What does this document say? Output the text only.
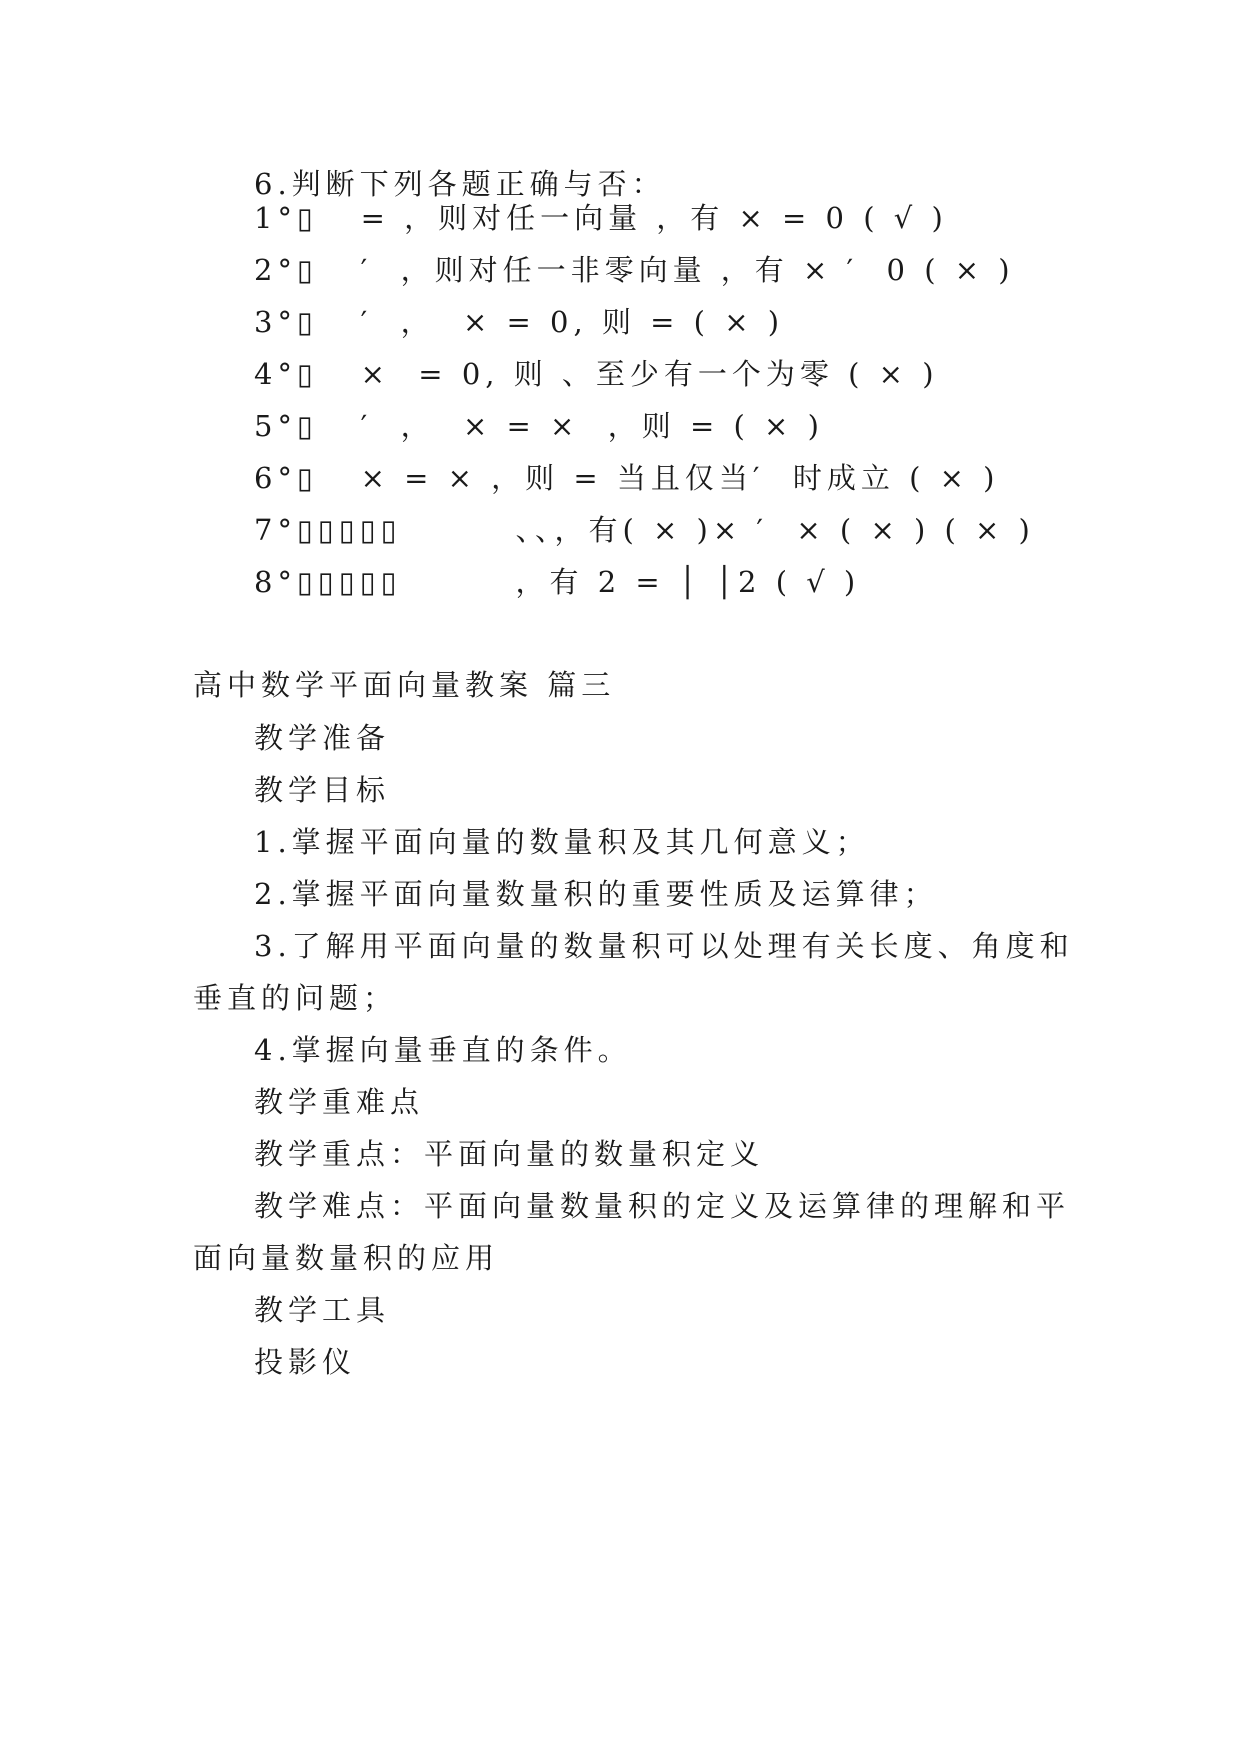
6.判断下列各题正确与否：
1°▯   = ，则对任一向量 ，有 × = 0 ( √ )
2°▯   ′  ，则对任一非零向量 ，有 × ′  0 ( × )
3°▯   ′  ，  × = 0, 则 = ( × )
4°▯   ×  = 0, 则 、至少有一个为零 ( × )
5°▯   ′  ，  × = ×  ，则 = ( × )
6°▯   × = × ，则 = 当且仅当′  时成立 ( × )
7°▯▯▯▯▯        、、，有( × )× ′  × ( × ) ( × )
8°▯▯▯▯▯        ，有 2 = │ │2 ( √ )
高中数学平面向量教案 篇三
教学准备
教学目标
1.掌握平面向量的数量积及其几何意义；
2.掌握平面向量数量积的重要性质及运算律；
3.了解用平面向量的数量积可以处理有关长度、角度和
垂直的问题；
4.掌握向量垂直的条件。
教学重难点
教学重点：平面向量的数量积定义
教学难点：平面向量数量积的定义及运算律的理解和平
面向量数量积的应用
教学工具
投影仪
